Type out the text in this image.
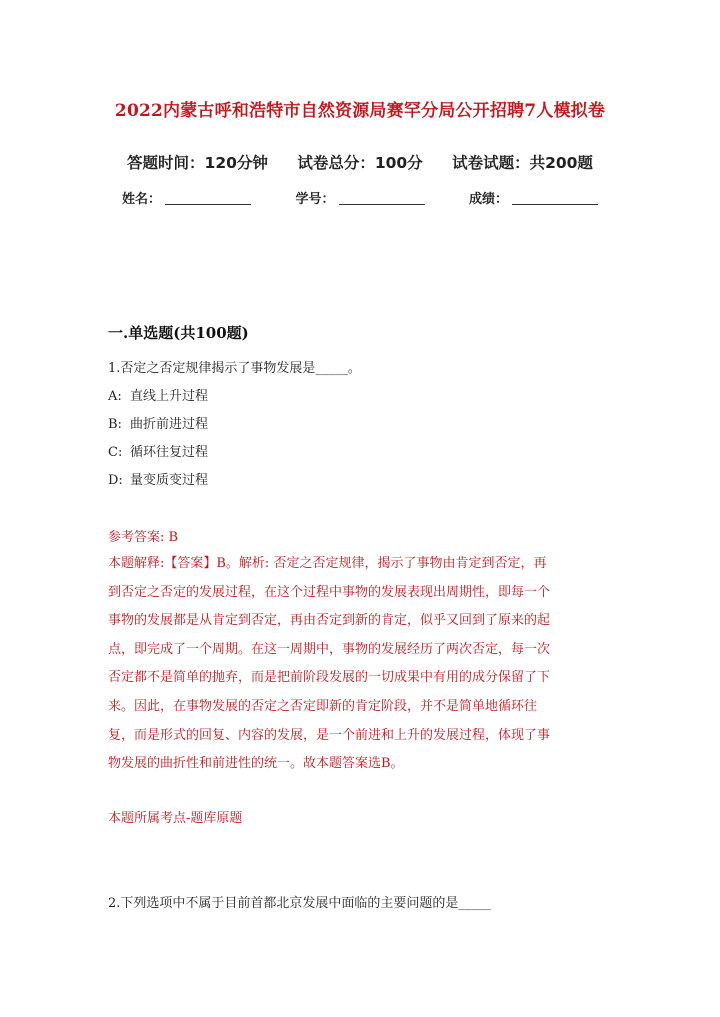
2022内蒙古呼和浩特市自然资源局赛罕分局公开招聘7人模拟卷
答题时间：120分钟 试卷总分：100分 试卷试题：共200题
姓名：	学号：	成绩：
一.单选题(共100题)
1.否定之否定规律揭示了事物发展是_____。
A: 直线上升过程
B: 曲折前进过程
C: 循环往复过程
D: 量变质变过程
参考答案: B
本题解释:【答案】B。解析: 否定之否定规律，揭示了事物由肯定到否定，再
到否定之否定的发展过程，在这个过程中事物的发展表现出周期性，即每一个
事物的发展都是从肯定到否定，再由否定到新的肯定，似乎又回到了原来的起
点，即完成了一个周期。在这一周期中，事物的发展经历了两次否定，每一次
否定都不是简单的抛弃，而是把前阶段发展的一切成果中有用的成分保留了下
来。因此，在事物发展的否定之否定即新的肯定阶段，并不是简单地循环往
复，而是形式的回复、内容的发展，是一个前进和上升的发展过程，体现了事
物发展的曲折性和前进性的统一。故本题答案选B。
本题所属考点-题库原题
2.下列选项中不属于目前首都北京发展中面临的主要问题的是_____
